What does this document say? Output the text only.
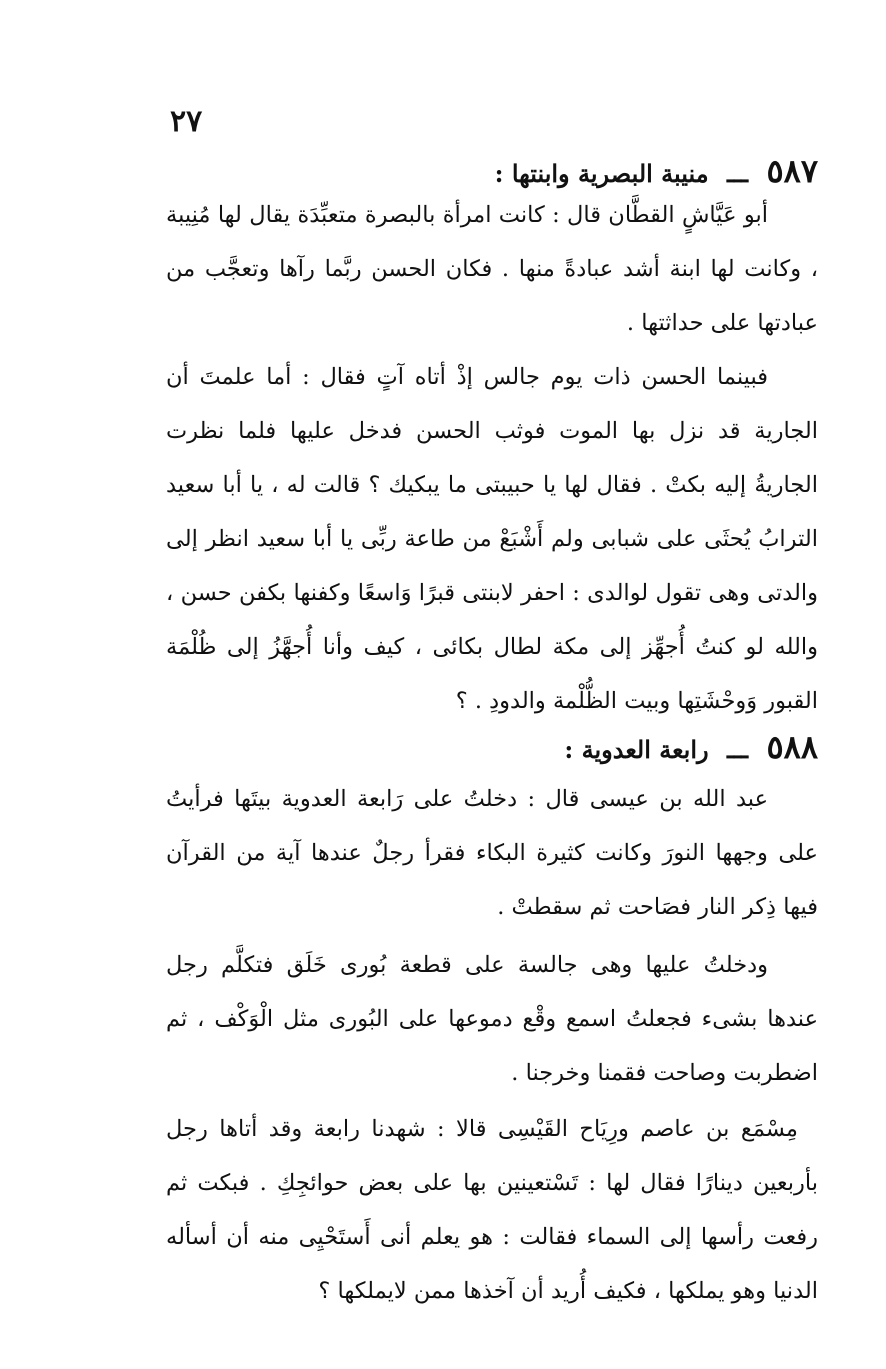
٢٧
٥٨٧ ـــ منيبة البصرية وابنتها :

أبو عَيَّاشٍ القطَّان قال : كانت امرأة بالبصرة متعبِّدَة يقال لها مُنِيبة ، وكانت لها ابنة أشد عبادةً منها . فكان الحسن ربَّما رآها وتعجَّب من عبادتها على حداثتها .

فبينما الحسن ذات يوم جالس إذْ أتاه آتٍ فقال : أما علمتَ أن الجارية قد نزل بها الموت فوثب الحسن فدخل عليها فلما نظرت الجاريةُ إليه بكتْ . فقال لها يا حبيبتى ما يبكيك ؟ قالت له ، يا أبا سعيد الترابُ يُحثَى على شبابى ولم أَشْبَعْ من طاعة ربِّى يا أبا سعيد انظر إلى والدتى وهى تقول لوالدى : احفر لابنتى قبرًا وَاسعًا وكفنها بكفن حسن ، والله لو كنتُ أُجهِّز إلى مكة لطال بكائى ، كيف وأنا أُجهَّزُ إلى ظُلْمَة القبور وَوحْشَتِها وبيت الظُّلْمة والدودِ . ؟

٥٨٨ ـــ رابعة العدوية :

عبد الله بن عيسى قال : دخلتُ على رَابعة العدوية بيتَها فرأيتُ على وجهها النورَ وكانت كثيرة البكاء فقرأ رجلٌ عندها آية من القرآن فيها ذِكر النار فصَاحت ثم سقطتْ .

ودخلتُ عليها وهى جالسة على قطعة بُورى خَلَق فتكلَّم رجل عندها بشىء فجعلتُ اسمع وقْع دموعها على البُورى مثل الْوَكْف ، ثم اضطربت وصاحت فقمنا وخرجنا .

مِسْمَع بن عاصم ورِيَاح القَيْسِى قالا : شهدنا رابعة وقد أتاها رجل بأربعين دينارًا فقال لها : تَسْتعينين بها على بعض حوائجِكِ . فبكت ثم رفعت رأسها إلى السماء فقالت : هو يعلم أنى أَستَحْيِى منه أن أسأله الدنيا وهو يملكها ، فكيف أُريد أن آخذها ممن لايملكها ؟
